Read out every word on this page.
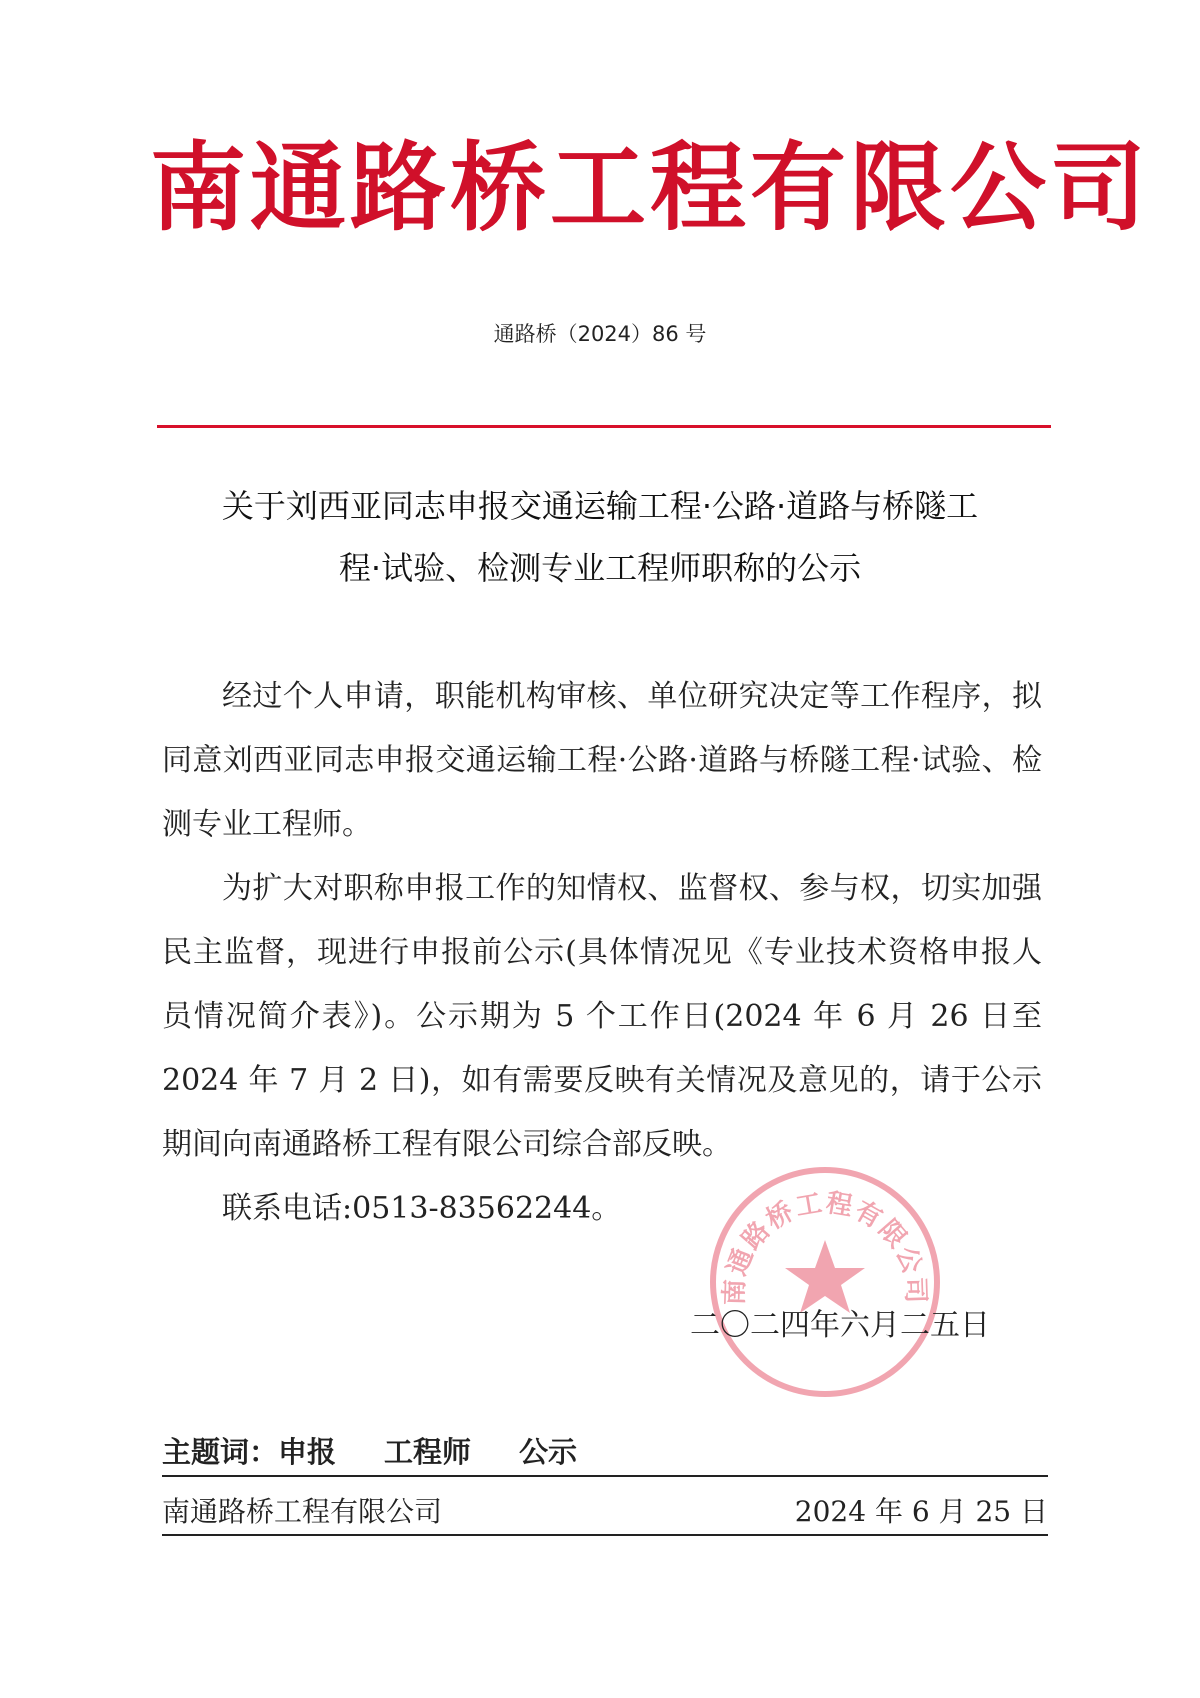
南通路桥工程有限公司
通路桥（2024）86 号
关于刘西亚同志申报交通运输工程·公路·道路与桥隧工
程·试验、检测专业工程师职称的公示

经过个人申请，职能机构审核、单位研究决定等工作程序，拟同意刘西亚同志申报交通运输工程·公路·道路与桥隧工程·试验、检测专业工程师。

为扩大对职称申报工作的知情权、监督权、参与权，切实加强民主监督，现进行申报前公示(具体情况见《专业技术资格申报人员情况简介表》)。公示期为 5 个工作日(2024 年 6 月 26 日至 2024 年 7 月 2 日)，如有需要反映有关情况及意见的，请于公示期间向南通路桥工程有限公司综合部反映。

联系电话:0513-83562244。

南通路桥工程有限公司
二〇二四年六月二五日
主题词：申报 工程师 公示
南通路桥工程有限公司	2024 年 6 月 25 日
